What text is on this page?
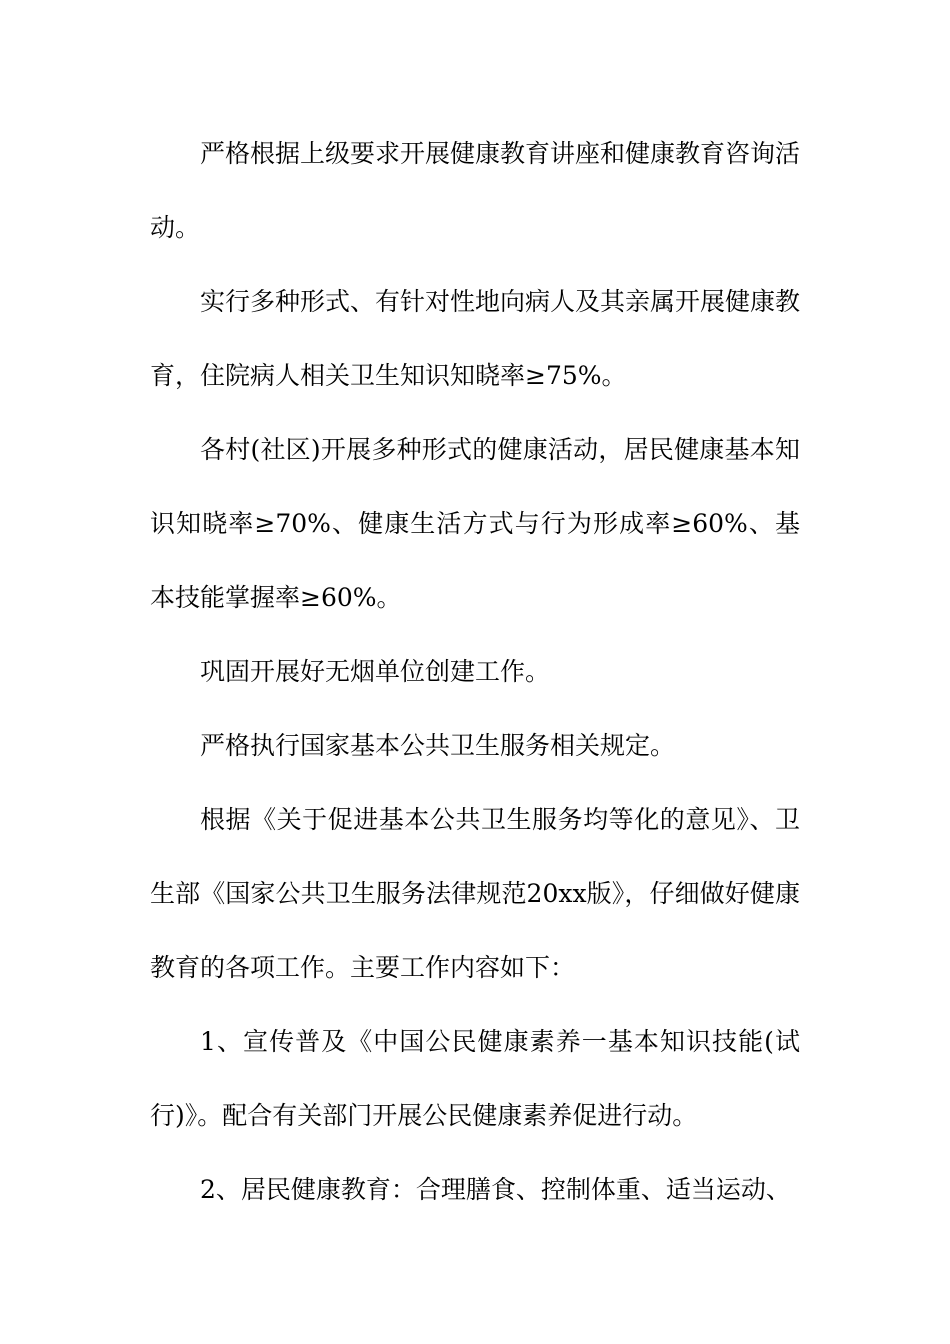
严格根据上级要求开展健康教育讲座和健康教育咨询活动。

实行多种形式、有针对性地向病人及其亲属开展健康教育，住院病人相关卫生知识知晓率≥75%。

各村(社区)开展多种形式的健康活动，居民健康基本知识知晓率≥70%、健康生活方式与行为形成率≥60%、基本技能掌握率≥60%。

巩固开展好无烟单位创建工作。

严格执行国家基本公共卫生服务相关规定。

根据《关于促进基本公共卫生服务均等化的意见》、卫生部《国家公共卫生服务法律规范20xx版》，仔细做好健康教育的各项工作。主要工作内容如下：

1、宣传普及《中国公民健康素养一基本知识技能(试行)》。配合有关部门开展公民健康素养促进行动。

2、居民健康教育：合理膳食、控制体重、适当运动、
